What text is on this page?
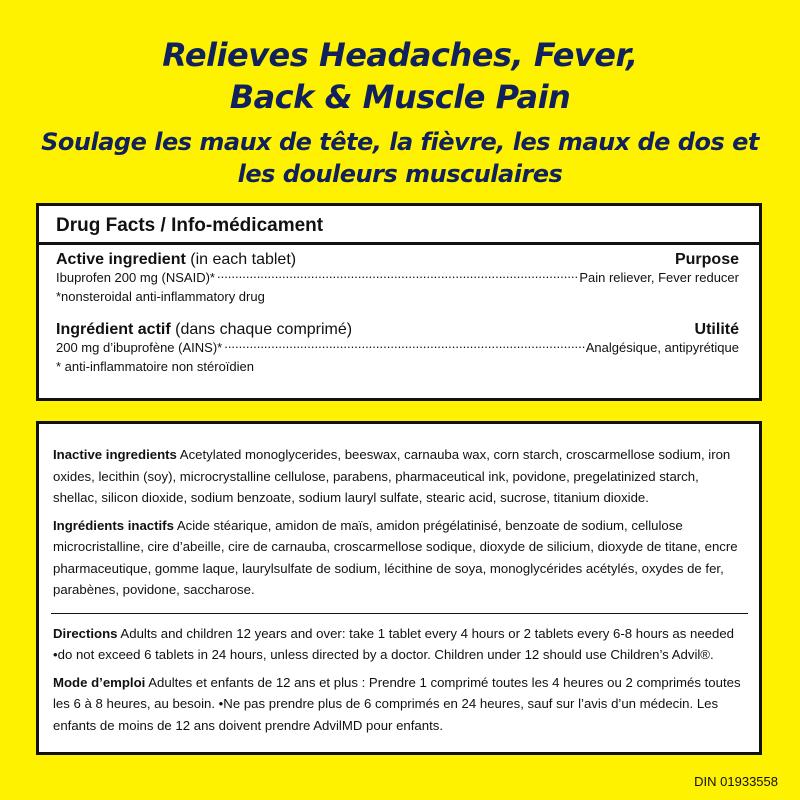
Relieves Headaches, Fever,
Back & Muscle Pain
Soulage les maux de tête, la fièvre, les maux de dos et
les douleurs musculaires
Drug Facts / Info-médicament
Active ingredient (in each tablet)	Purpose
Ibuprofen 200 mg (NSAID)* .....	Pain reliever, Fever reducer
*nonsteroidal anti-inflammatory drug
Ingrédient actif (dans chaque comprimé)	Utilité
200 mg d’ibuprofène (AINS)* .....	Analgésique, antipyrétique
* anti-inflammatoire non stéroïdien
Inactive ingredients Acetylated monoglycerides, beeswax, carnauba wax, corn starch, croscarmellose sodium, iron oxides, lecithin (soy), microcrystalline cellulose, parabens, pharmaceutical ink, povidone, pregelatinized starch, shellac, silicon dioxide, sodium benzoate, sodium lauryl sulfate, stearic acid, sucrose, titanium dioxide.
Ingrédients inactifs Acide stéarique, amidon de maïs, amidon prégélatinisé, benzoate de sodium, cellulose microcristalline, cire d’abeille, cire de carnauba, croscarmellose sodique, dioxyde de silicium, dioxyde de titane, encre pharmaceutique, gomme laque, laurylsulfate de sodium, lécithine de soya, monoglycérides acétylés, oxydes de fer, parabènes, povidone, saccharose.
Directions Adults and children 12 years and over: take 1 tablet every 4 hours or 2 tablets every 6-8 hours as needed •do not exceed 6 tablets in 24 hours, unless directed by a doctor. Children under 12 should use Children’s Advil®.
Mode d’emploi Adultes et enfants de 12 ans et plus : Prendre 1 comprimé toutes les 4 heures ou 2 comprimés toutes les 6 à 8 heures, au besoin. •Ne pas prendre plus de 6 comprimés en 24 heures, sauf sur l’avis d’un médecin. Les enfants de moins de 12 ans doivent prendre AdvilMD pour enfants.
DIN 01933558
